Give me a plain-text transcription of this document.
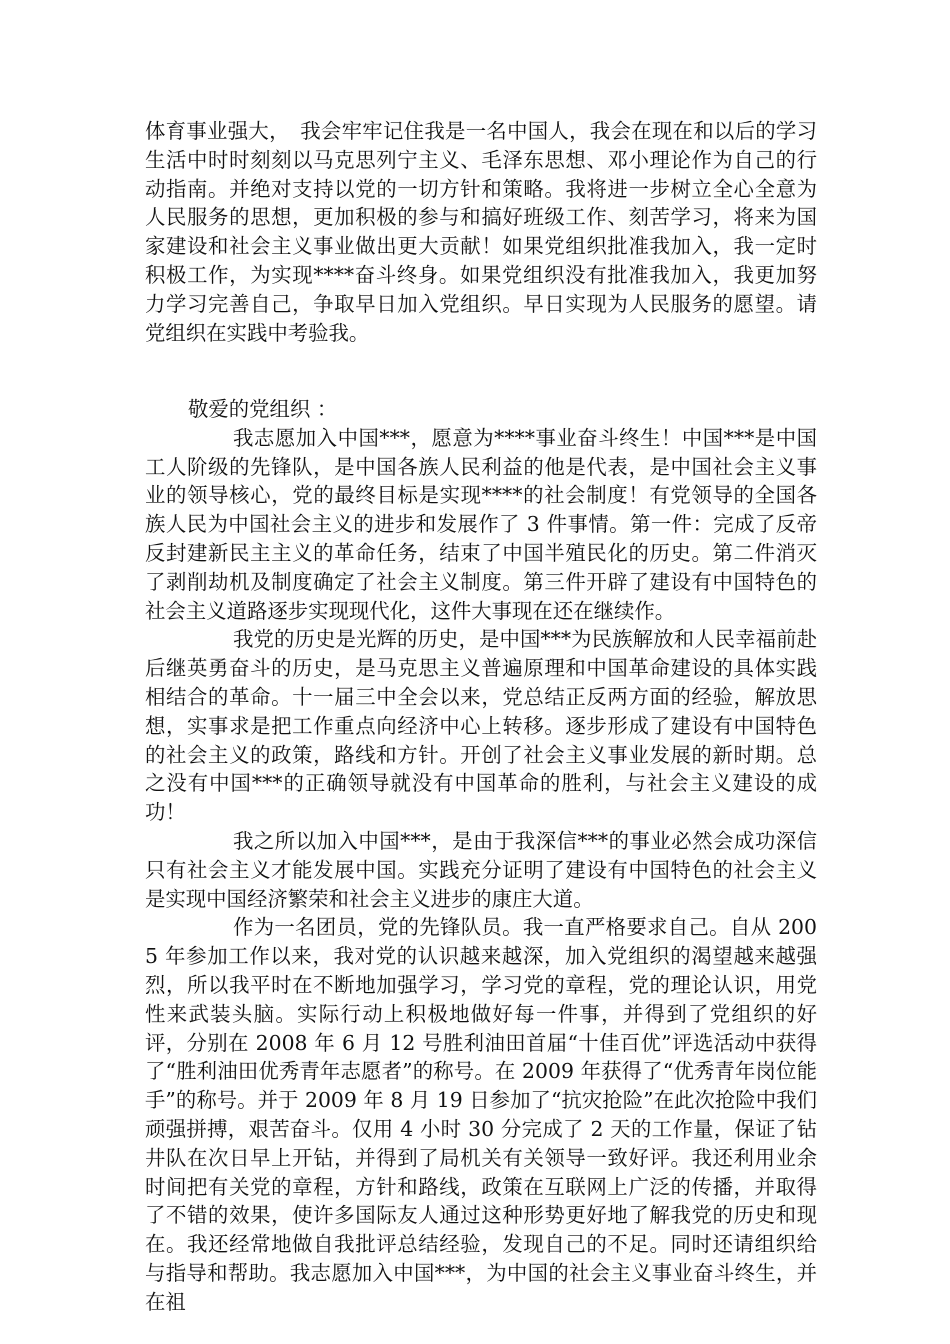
体育事业强大，　我会牢牢记住我是一名中国人，我会在现在和以后的学习生活中时时刻刻以马克思列宁主义、毛泽东思想、邓小理论作为自己的行动指南。并绝对支持以党的一切方针和策略。我将进一步树立全心全意为人民服务的思想，更加积极的参与和搞好班级工作、刻苦学习，将来为国家建设和社会主义事业做出更大贡献！如果党组织批准我加入，我一定时积极工作，为实现****奋斗终身。如果党组织没有批准我加入，我更加努力学习完善自己，争取早日加入党组织。早日实现为人民服务的愿望。请党组织在实践中考验我。

敬爱的党组织 ：

我志愿加入中国***，愿意为****事业奋斗终生！中国***是中国工人阶级的先锋队，是中国各族人民利益的他是代表，是中国社会主义事业的领导核心，党的最终目标是实现****的社会制度！有党领导的全国各族人民为中国社会主义的进步和发展作了 3 件事情。第一件：完成了反帝反封建新民主主义的革命任务，结束了中国半殖民化的历史。第二件消灭了剥削劫机及制度确定了社会主义制度。第三件开辟了建设有中国特色的社会主义道路逐步实现现代化，这件大事现在还在继续作。

我党的历史是光辉的历史，是中国***为民族解放和人民幸福前赴后继英勇奋斗的历史，是马克思主义普遍原理和中国革命建设的具体实践相结合的革命。十一届三中全会以来，党总结正反两方面的经验，解放思想，实事求是把工作重点向经济中心上转移。逐步形成了建设有中国特色的社会主义的政策，路线和方针。开创了社会主义事业发展的新时期。总之没有中国***的正确领导就没有中国革命的胜利，与社会主义建设的成功！

我之所以加入中国***，是由于我深信***的事业必然会成功深信只有社会主义才能发展中国。实践充分证明了建设有中国特色的社会主义是实现中国经济繁荣和社会主义进步的康庄大道。

作为一名团员，党的先锋队员。我一直严格要求自己。自从 2005 年参加工作以来，我对党的认识越来越深，加入党组织的渴望越来越强烈，所以我平时在不断地加强学习，学习党的章程，党的理论认识，用党性来武装头脑。实际行动上积极地做好每一件事，并得到了党组织的好评，分别在 2008 年 6 月 12 号胜利油田首届“十佳百优”评选活动中获得了“胜利油田优秀青年志愿者”的称号。在 2009 年获得了“优秀青年岗位能手”的称号。并于 2009 年 8 月 19 日参加了“抗灾抢险”在此次抢险中我们顽强拼搏，艰苦奋斗。仅用 4 小时 30 分完成了 2 天的工作量，保证了钻井队在次日早上开钻，并得到了局机关有关领导一致好评。我还利用业余时间把有关党的章程，方针和路线，政策在互联网上广泛的传播，并取得了不错的效果，使许多国际友人通过这种形势更好地了解我党的历史和现在。我还经常地做自我批评总结经验，发现自己的不足。同时还请组织给与指导和帮助。我志愿加入中国***，为中国的社会主义事业奋斗终生，并在祖
